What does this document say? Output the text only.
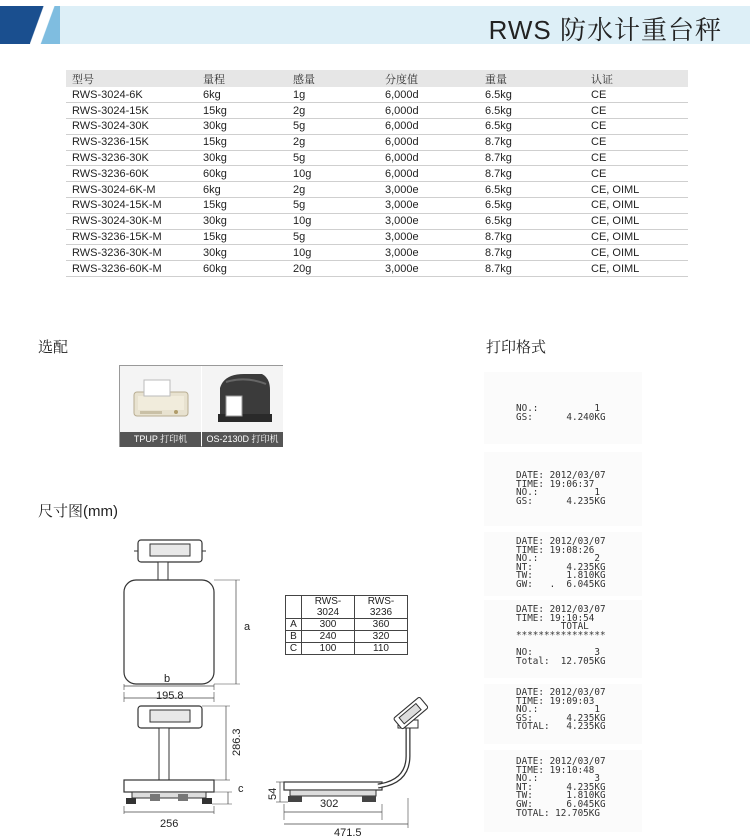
RWS 防水计重台秤
型号	量程	感量	分度值	重量	认证
RWS-3024-6K	6kg	1g	6,000d	6.5kg	CE
RWS-3024-15K	15kg	2g	6,000d	6.5kg	CE
RWS-3024-30K	30kg	5g	6,000d	6.5kg	CE
RWS-3236-15K	15kg	2g	6,000d	8.7kg	CE
RWS-3236-30K	30kg	5g	6,000d	8.7kg	CE
RWS-3236-60K	60kg	10g	6,000d	8.7kg	CE
RWS-3024-6K-M	6kg	2g	3,000e	6.5kg	CE, OIML
RWS-3024-15K-M	15kg	5g	3,000e	6.5kg	CE, OIML
RWS-3024-30K-M	30kg	10g	3,000e	6.5kg	CE, OIML
RWS-3236-15K-M	15kg	5g	3,000e	8.7kg	CE, OIML
RWS-3236-30K-M	30kg	10g	3,000e	8.7kg	CE, OIML
RWS-3236-60K-M	60kg	20g	3,000e	8.7kg	CE, OIML
选配	打印格式
尺寸图(mm)
TPUP 打印机	OS-2130D 打印机
a
b
195.8
286.3
c
256
54
302
471.5
	RWS-3024	RWS-3236
A	300	360
B	240	320
C	100	110
NO.:          1
GS:      4.240KG
DATE: 2012/03/07
TIME: 19:06:37
NO.:          1
GS:      4.235KG
DATE: 2012/03/07
TIME: 19:08:26
NO.:          2
NT:      4.235KG
TW:      1.810KG
GW:   .  6.045KG
DATE: 2012/03/07
TIME: 19:10:54
TOTAL
****************

NO:           3
Total:  12.705KG
DATE: 2012/03/07
TIME: 19:09:03
NO.:          1
GS:      4.235KG
TOTAL:   4.235KG
DATE: 2012/03/07
TIME: 19:10:48
NO.:          3
NT:      4.235KG
TW:      1.810KG
GW:      6.045KG
TOTAL: 12.705KG
